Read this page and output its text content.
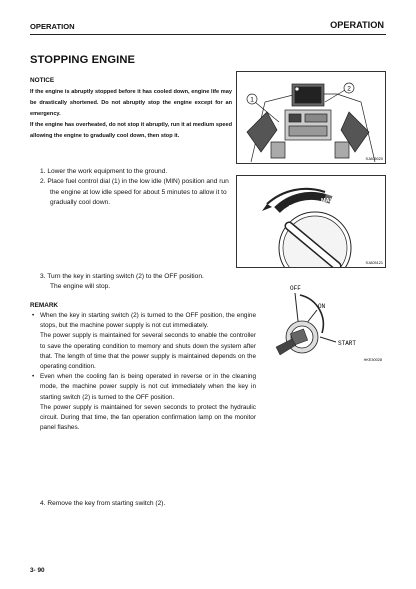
OPERATION	OPERATION
STOPPING ENGINE
NOTICE

If the engine is abruptly stopped before it has cooled down, engine life may be drastically shortened. Do not abruptly stop the engine except for an emergency.

If the engine has overheated, do not stop it abruptly, run it at medium speed allowing the engine to gradually cool down, then stop it.

1
2
SJA05020

1. Lower the work equipment to the ground.

2. Place fuel control dial (1) in the low idle (MIN) position and run

the engine at low idle speed for about 5 minutes to allow it to

gradually cool down.

MIN
MAX
SJA05121

3. Turn the key in starting switch (2) to the OFF position.

The engine will stop.	OFF
ON
START
HKE30028
REMARK

• When the key in starting switch (2) is turned to the OFF position, the engine stops, but the machine power supply is not cut immediately.

The power supply is maintained for several seconds to enable the controller to save the operating condition to memory and shuts down the system after that. The length of time that the power supply is maintained depends on the operating condition.

• Even when the cooling fan is being operated in reverse or in the cleaning mode, the machine power supply is not cut immediately when the key in starting switch (2) is turned to the OFF position.

The power supply is maintained for seven seconds to protect the hydraulic circuit. During that time, the fan operation confirmation lamp on the monitor panel flashes.

4. Remove the key from starting switch (2).

3- 90
